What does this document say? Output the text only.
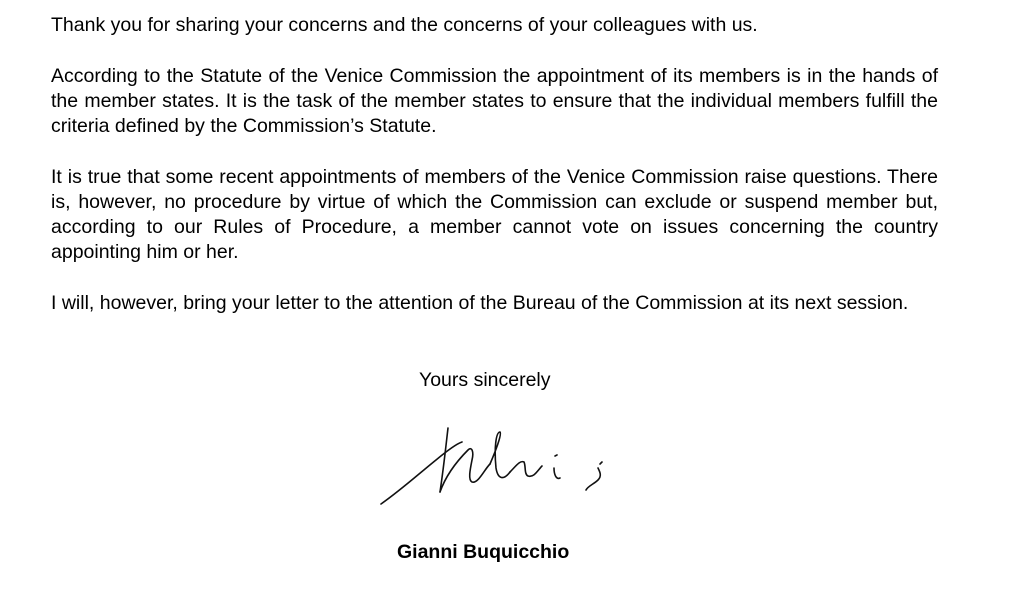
Thank you for sharing your concerns and the concerns of your colleagues with us.

According to the Statute of the Venice Commission the appointment of its members is in the hands of the member states. It is the task of the member states to ensure that the individual members fulfill the criteria defined by the Commission’s Statute.

It is true that some recent appointments of members of the Venice Commission raise questions. There is, however, no procedure by virtue of which the Commission can exclude or suspend member but, according to our Rules of Procedure, a member cannot vote on issues concerning the country appointing him or her.

I will, however, bring your letter to the attention of the Bureau of the Commission at its next session.

Yours sincerely

Gianni Buquicchio
